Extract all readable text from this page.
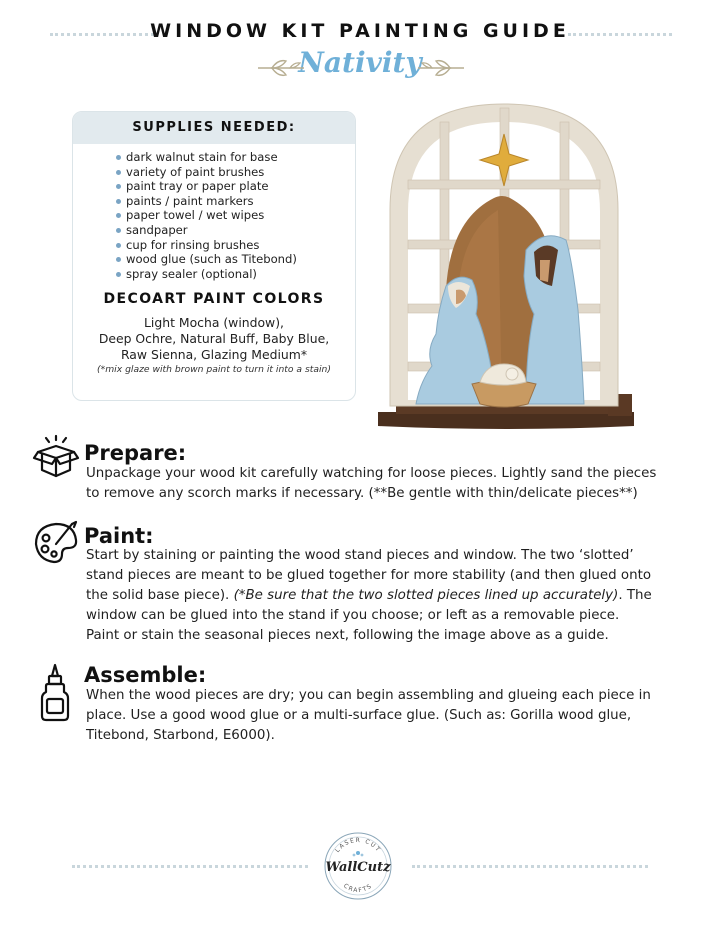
WINDOW KIT PAINTING GUIDE
Nativity
SUPPLIES NEEDED:
dark walnut stain for base
variety of paint brushes
paint tray or paper plate
paints / paint markers
paper towel / wet wipes
sandpaper
cup for rinsing brushes
wood glue (such as Titebond)
spray sealer (optional)
DECOART PAINT COLORS
Light Mocha (window),
Deep Ochre, Natural Buff, Baby Blue,
Raw Sienna, Glazing Medium*
(*mix glaze with brown paint to turn it into a stain)
Prepare:
Unpackage your wood kit carefully watching for loose pieces. Lightly sand the pieces
to remove any scorch marks if necessary. (**Be gentle with thin/delicate pieces**)
Paint:
Start by staining or painting the wood stand pieces and window. The two ‘slotted’
stand pieces are meant to be glued together for more stability (and then glued onto
the solid base piece). (*Be sure that the two slotted pieces lined up accurately). The
window can be glued into the stand if you choose; or left as a removable piece.
Paint or stain the seasonal pieces next, following the image above as a guide.
Assemble:
When the wood pieces are dry; you can begin assembling and glueing each piece in
place. Use a good wood glue or a multi-surface glue. (Such as: Gorilla wood glue,
Titebond, Starbond, E6000).
LASER CUT
CRAFTS
WallCutz
